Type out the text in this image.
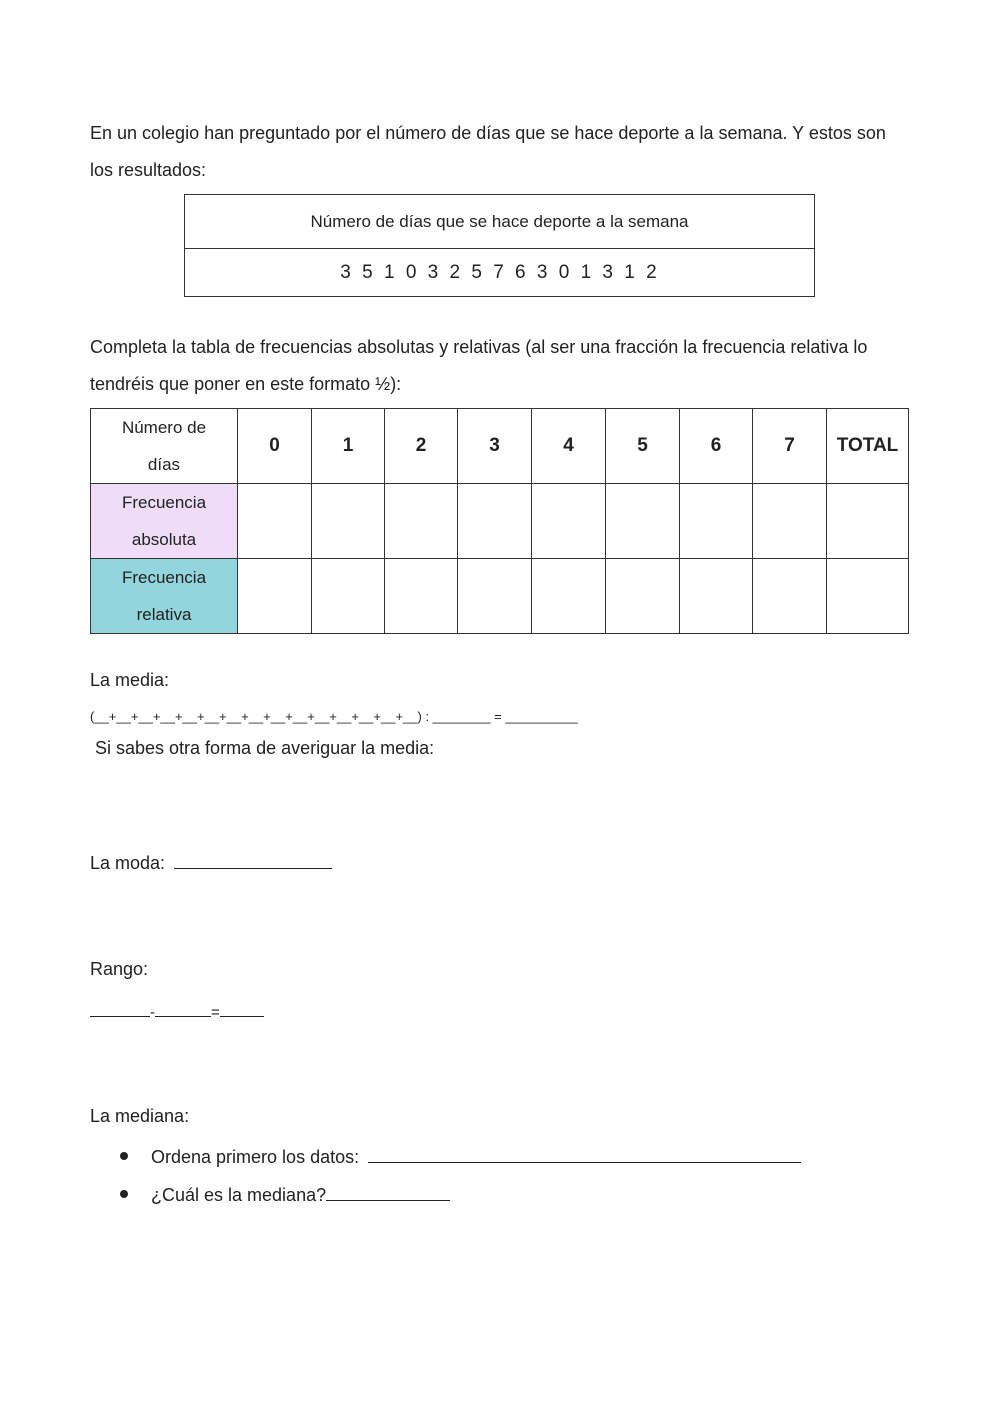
En un colegio han preguntado por el número de días que se hace deporte a la semana. Y estos son
los resultados:
Número de días que se hace deporte a la semana
3 5 1 0 3 2 5 7 6 3 0 1 3 1 2
Completa la tabla de frecuencias absolutas y relativas (al ser una fracción la frecuencia relativa lo
tendréis que poner en este formato ½):
Número de
días	0	1	2	3	4	5	6	7	TOTAL

Frecuencia
absoluta									

Frecuencia
relativa									

La media:
(__+__+__+__+__+__+__+__+__+__+__+__+__+__+__) : ________ = __________
Si sabes otra forma de averiguar la media:
La moda:
Rango:
-	=
La mediana:
Ordena primero los datos:
¿Cuál es la mediana?
